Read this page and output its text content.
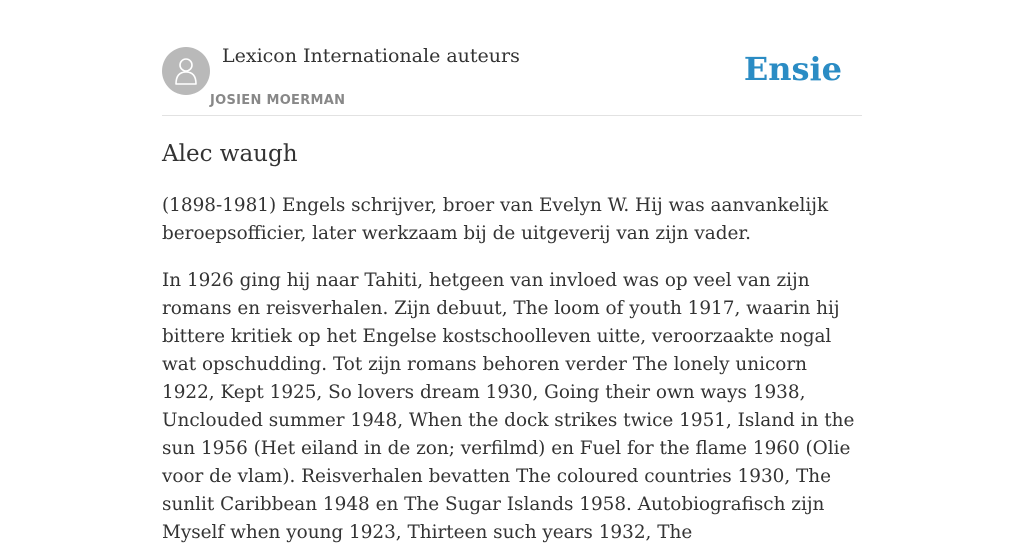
Lexicon Internationale auteurs
JOSIEN MOERMAN
Ensie
Alec waugh

(1898-1981) Engels schrijver, broer van Evelyn W. Hij was aanvankelijk beroepsofficier, later werkzaam bij de uitgeverij van zijn vader.

In 1926 ging hij naar Tahiti, hetgeen van invloed was op veel van zijn romans en reisverhalen. Zijn debuut, The loom of youth 1917, waarin hij bittere kritiek op het Engelse kostschoolleven uitte, veroorzaakte nogal wat opschudding. Tot zijn romans behoren verder The lonely unicorn 1922, Kept 1925, So lovers dream 1930, Going their own ways 1938, Unclouded summer 1948, When the dock strikes twice 1951, Island in the sun 1956 (Het eiland in de zon; verfilmd) en Fuel for the flame 1960 (Olie voor de vlam). Reisverhalen bevatten The coloured countries 1930, The sunlit Caribbean 1948 en The Sugar Islands 1958. Autobiografisch zijn Myself when young 1923, Thirteen such years 1932, The
